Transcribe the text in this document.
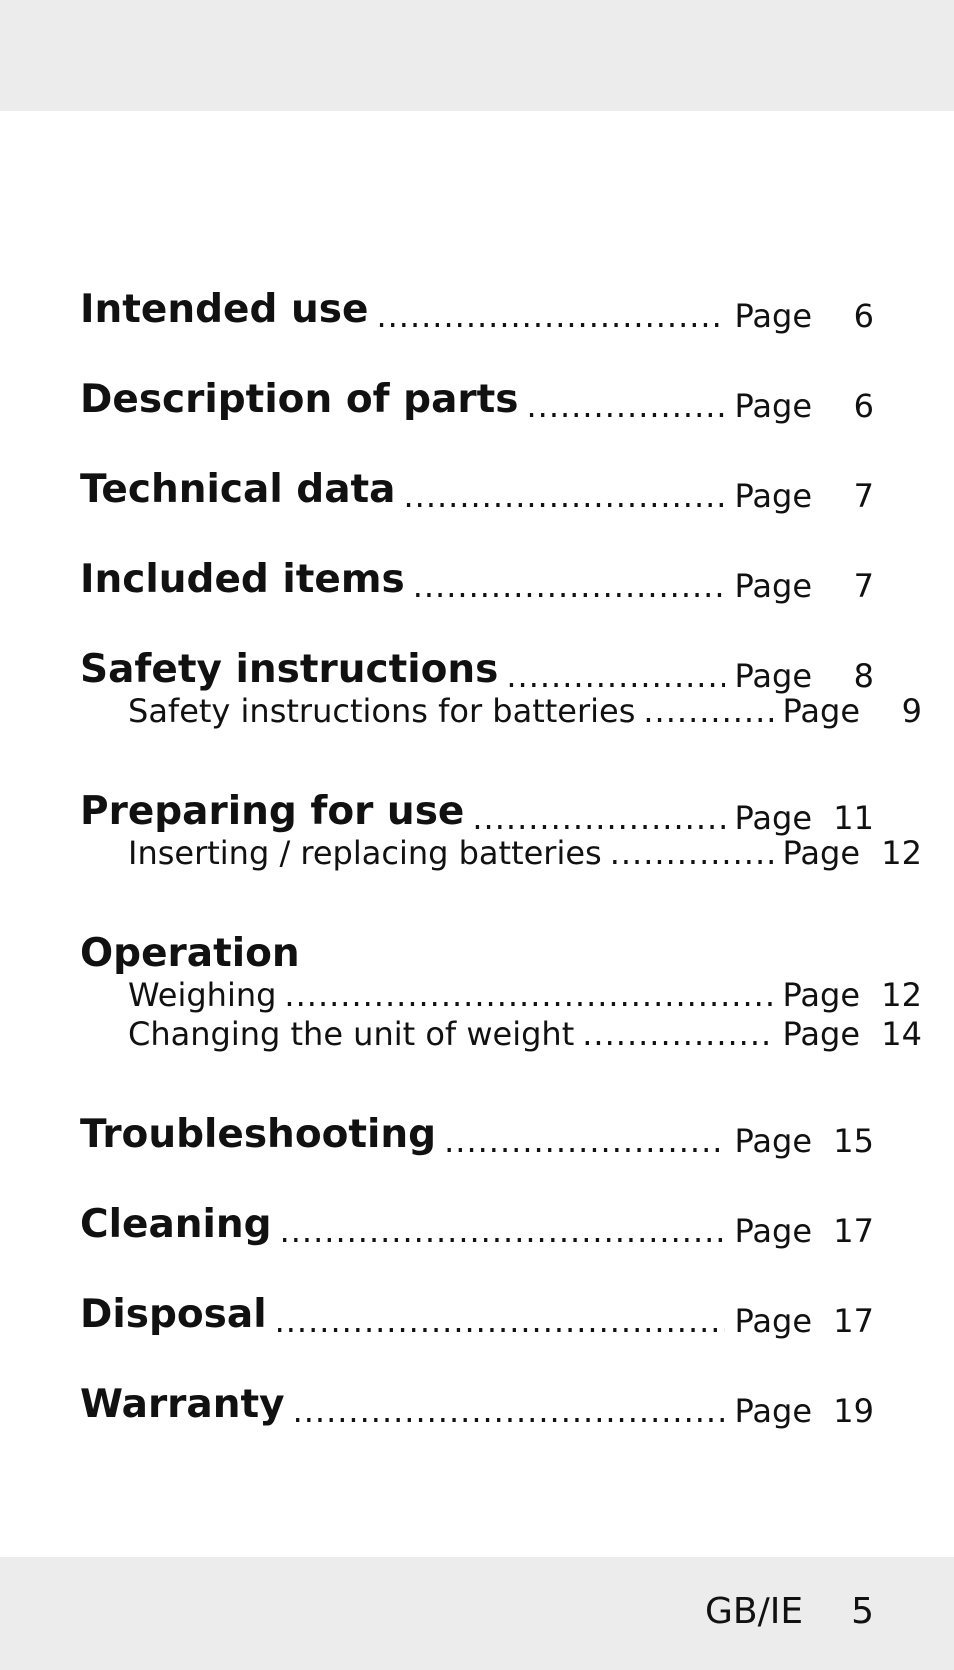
Intended use .....	Page	6
Description of parts .....	Page	6
Technical data .....	Page	7
Included items .....	Page	7
Safety instructions .....	Page	8
Safety instructions for batteries .....	Page	9
Preparing for use .....	Page 11
Inserting / replacing batteries .....	Page 12
Operation
Weighing .....	Page 12
Changing the unit of weight .....	Page 14
Troubleshooting .....	Page 15
Cleaning .....	Page 17
Disposal .....	Page 17
Warranty .....	Page 19
GB/IE 5
